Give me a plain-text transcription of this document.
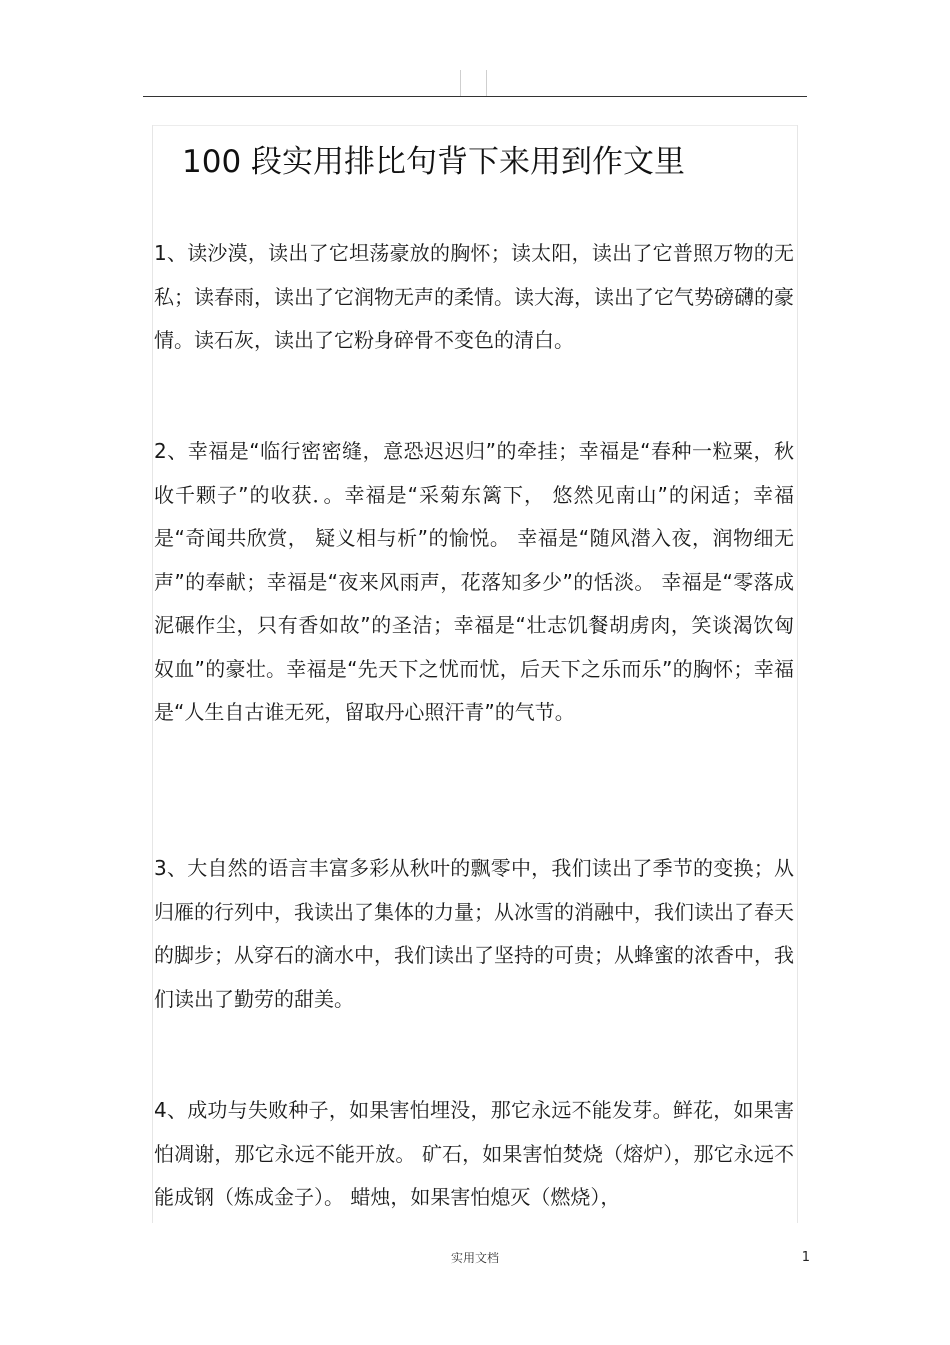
100 段实用排比句背下来用到作文里

1、读沙漠，读出了它坦荡豪放的胸怀；读太阳，读出了它普照万物的无私；读春雨，读出了它润物无声的柔情。读大海，读出了它气势磅礴的豪情。读石灰，读出了它粉身碎骨不变色的清白。

2、幸福是“临行密密缝，意恐迟迟归”的牵挂；幸福是“春种一粒粟，秋收千颗子”的收获．。幸福是“采菊东篱下， 悠然见南山”的闲适；幸福是“奇闻共欣赏， 疑义相与析”的愉悦。 幸福是“随风潜入夜，润物细无声”的奉献；幸福是“夜来风雨声，花落知多少”的恬淡。 幸福是“零落成泥碾作尘，只有香如故”的圣洁；幸福是“壮志饥餐胡虏肉，笑谈渴饮匈奴血”的豪壮。幸福是“先天下之忧而忧，后天下之乐而乐”的胸怀；幸福是“人生自古谁无死，留取丹心照汗青”的气节。

3、大自然的语言丰富多彩从秋叶的飘零中，我们读出了季节的变换；从归雁的行列中，我读出了集体的力量；从冰雪的消融中，我们读出了春天的脚步；从穿石的滴水中，我们读出了坚持的可贵；从蜂蜜的浓香中，我们读出了勤劳的甜美。

4、成功与失败种子，如果害怕埋没，那它永远不能发芽。鲜花，如果害怕凋谢，那它永远不能开放。 矿石，如果害怕焚烧（熔炉），那它永远不能成钢（炼成金子）。 蜡烛，如果害怕熄灭（燃烧），

实用文档	1
